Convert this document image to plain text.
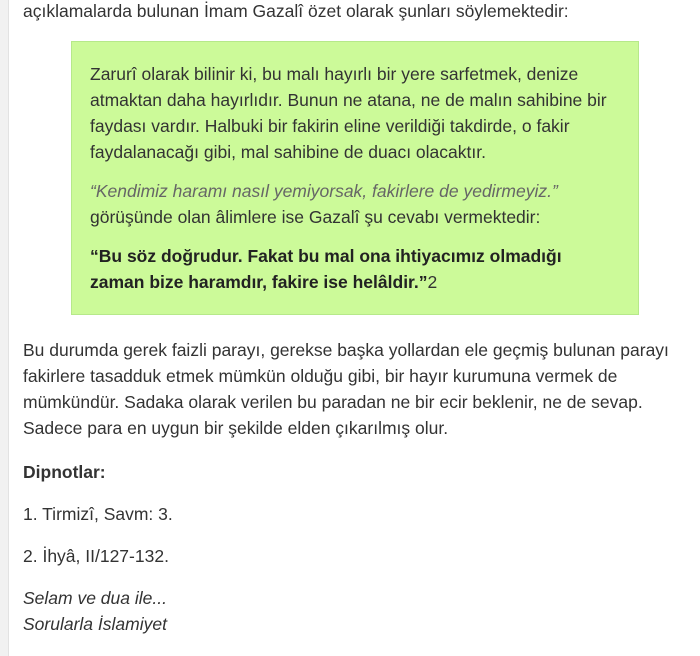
açıklamalarda bulunan İmam Gazalî özet olarak şunları söylemektedir:

Zarurî olarak bilinir ki, bu malı hayırlı bir yere sarfetmek, denize atmaktan daha hayırlıdır. Bunun ne atana, ne de malın sahibine bir faydası vardır. Halbuki bir fakirin eline verildiği takdirde, o fakir faydalanacağı gibi, mal sahibine de duacı olacaktır.

“Kendimiz haramı nasıl yemiyorsak, fakirlere de yedirmeyiz.”
görüşünde olan âlimlere ise Gazalî şu cevabı vermektedir:

“Bu söz doğrudur. Fakat bu mal ona ihtiyacımız olmadığı zaman bize haramdır, fakire ise helâldir.”2

Bu durumda gerek faizli parayı, gerekse başka yollardan ele geçmiş bulunan parayı fakirlere tasadduk etmek mümkün olduğu gibi, bir hayır kurumuna vermek de mümkündür. Sadaka olarak verilen bu paradan ne bir ecir beklenir, ne de sevap. Sadece para en uygun bir şekilde elden çıkarılmış olur.

Dipnotlar:

1. Tirmizî, Savm: 3.

2. İhyâ, II/127-132.

Selam ve dua ile...
Sorularla İslamiyet
